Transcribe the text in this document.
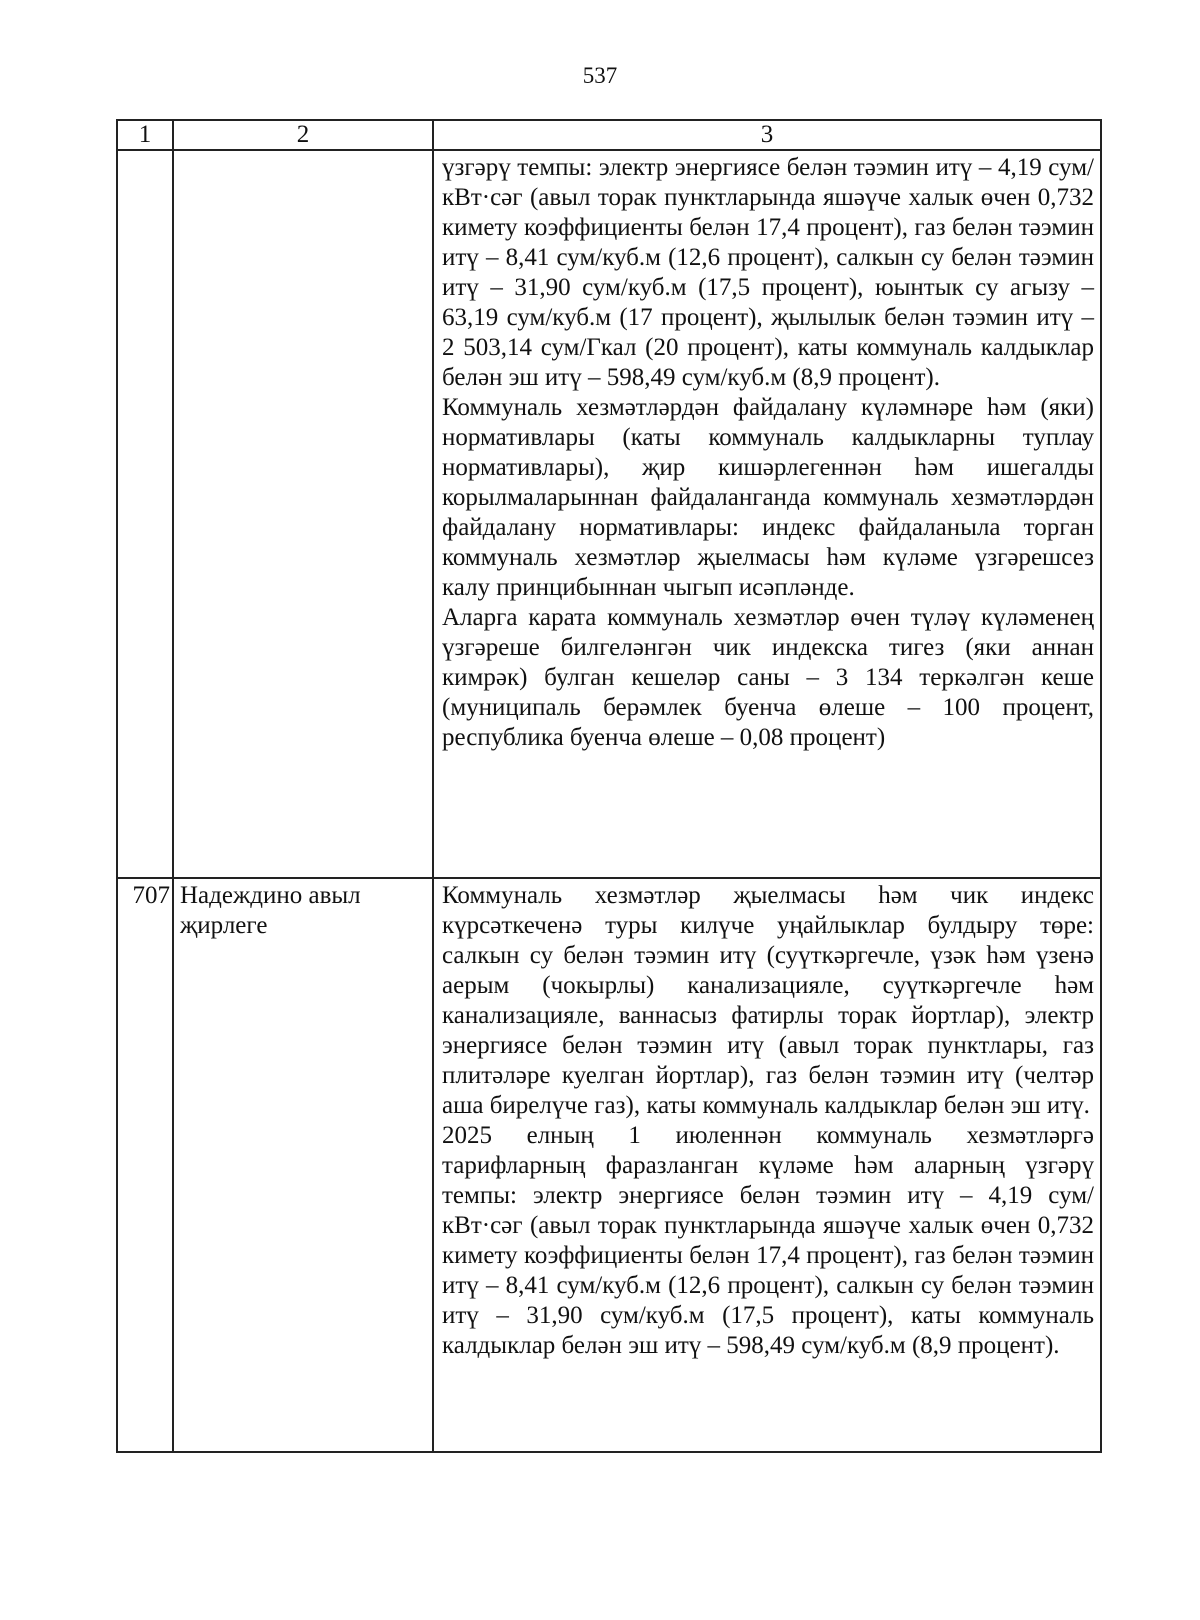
537
1	2	3

		үзгәрү темпы: электр энергиясе белән тәэмин итү – 4,19 сум/кВт·сәг (авыл торак пунктларында яшәүче халык өчен 0,732 кимету коэффициенты белән 17,4 процент), газ белән тәэмин итү – 8,41 сум/куб.м (12,6 процент), салкын су белән тәэмин итү – 31,90 сум/куб.м (17,5 процент), юынтык су агызу – 63,19 сум/куб.м (17 процент), җылылык белән тәэмин итү – 2 503,14 сум/Гкал (20 процент), каты коммуналь калдыклар белән эш итү – 598,49 сум/куб.м (8,9 процент).

Коммуналь хезмәтләрдән файдалану күләмнәре һәм (яки) нормативлары (каты коммуналь калдыкларны туплау нормативлары), җир кишәрлегеннән һәм ишегалды корылмаларыннан файдаланганда коммуналь хезмәтләрдән файдалану нормативлары: индекс файдаланыла торган коммуналь хезмәтләр җыелмасы һәм күләме үзгәрешсез калу принцибыннан чыгып исәпләнде.

Аларга карата коммуналь хезмәтләр өчен түләү күләменең үзгәреше билгеләнгән чик индекска тигез (яки аннан кимрәк) булган кешеләр саны – 3 134 теркәлгән кеше (муниципаль берәмлек буенча өлеше – 100 процент, республика буенча өлеше – 0,08 процент)

707	Надеждино авыл җирлеге	Коммуналь хезмәтләр җыелмасы һәм чик индекс күрсәткеченә туры килүче уңайлыклар булдыру төре: салкын су белән тәэмин итү (суүткәргечле, үзәк һәм үзенә аерым (чокырлы) канализацияле, суүткәргечле һәм канализацияле, ваннасыз фатирлы торак йортлар), электр энергиясе белән тәэмин итү (авыл торак пунктлары, газ плитәләре куелган йортлар), газ белән тәэмин итү (челтәр аша бирелүче газ), каты коммуналь калдыклар белән эш итү.

2025 елның 1 июленнән коммуналь хезмәтләргә тарифларның фаразланган күләме һәм аларның үзгәрү темпы: электр энергиясе белән тәэмин итү – 4,19 сум/кВт·сәг (авыл торак пунктларында яшәүче халык өчен 0,732 кимету коэффициенты белән 17,4 процент), газ белән тәэмин итү – 8,41 сум/куб.м (12,6 процент), салкын су белән тәэмин итү – 31,90 сум/куб.м (17,5 процент), каты коммуналь калдыклар белән эш итү – 598,49 сум/куб.м (8,9 процент).
